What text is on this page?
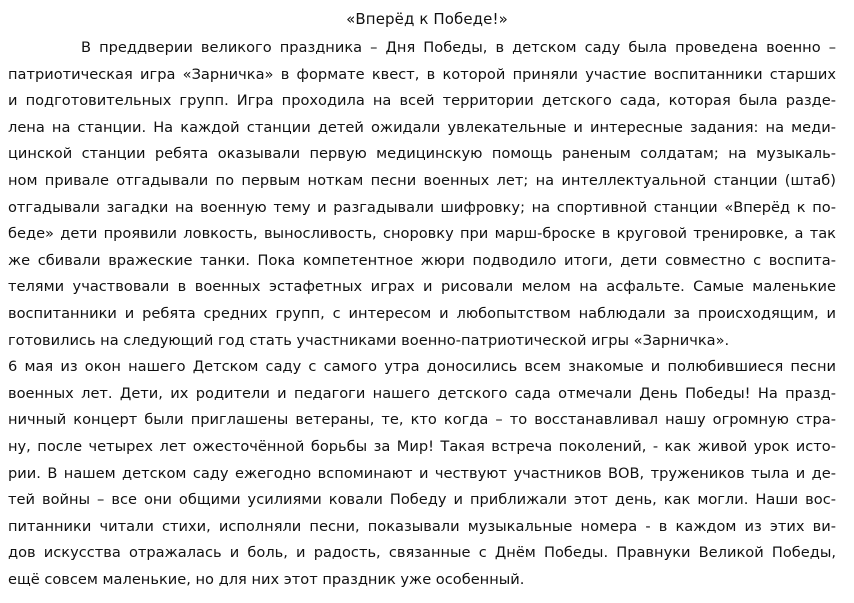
«Вперёд к Победе!»
В преддверии великого праздника – Дня Победы, в детском саду была проведена военно –
патриотическая игра «Зарничка» в формате квест, в которой приняли участие воспитанники старших
и подготовительных групп. Игра проходила на всей территории детского сада, которая была разде-
лена на станции. На каждой станции детей ожидали увлекательные и интересные задания: на меди-
цинской станции ребята оказывали первую медицинскую помощь раненым солдатам; на музыкаль-
ном привале отгадывали по первым ноткам песни военных лет; на интеллектуальной станции (штаб)
отгадывали загадки на военную тему и разгадывали шифровку; на спортивной станции «Вперёд к по-
беде» дети проявили ловкость, выносливость, сноровку при марш-броске в круговой тренировке, а так
же сбивали вражеские танки. Пока компетентное жюри подводило итоги, дети совместно с воспита-
телями участвовали в военных эстафетных играх и рисовали мелом на асфальте. Самые маленькие
воспитанники и ребята средних групп, с интересом и любопытством наблюдали за происходящим, и
готовились на следующий год стать участниками военно-патриотической игры «Зарничка».
6 мая из окон нашего Детском саду с самого утра доносились всем знакомые и полюбившиеся песни
военных лет. Дети, их родители и педагоги нашего детского сада отмечали День Победы! На празд-
ничный концерт были приглашены ветераны, те, кто когда – то восстанавливал нашу огромную стра-
ну, после четырех лет ожесточённой борьбы за Мир! Такая встреча поколений, - как живой урок исто-
рии. В нашем детском саду ежегодно вспоминают и чествуют участников ВОВ, тружеников тыла и де-
тей войны – все они общими усилиями ковали Победу и приближали этот день, как могли. Наши вос-
питанники читали стихи, исполняли песни, показывали музыкальные номера - в каждом из этих ви-
дов искусства отражалась и боль, и радость, связанные с Днём Победы. Правнуки Великой Победы,
ещё совсем маленькие, но для них этот праздник уже особенный.
